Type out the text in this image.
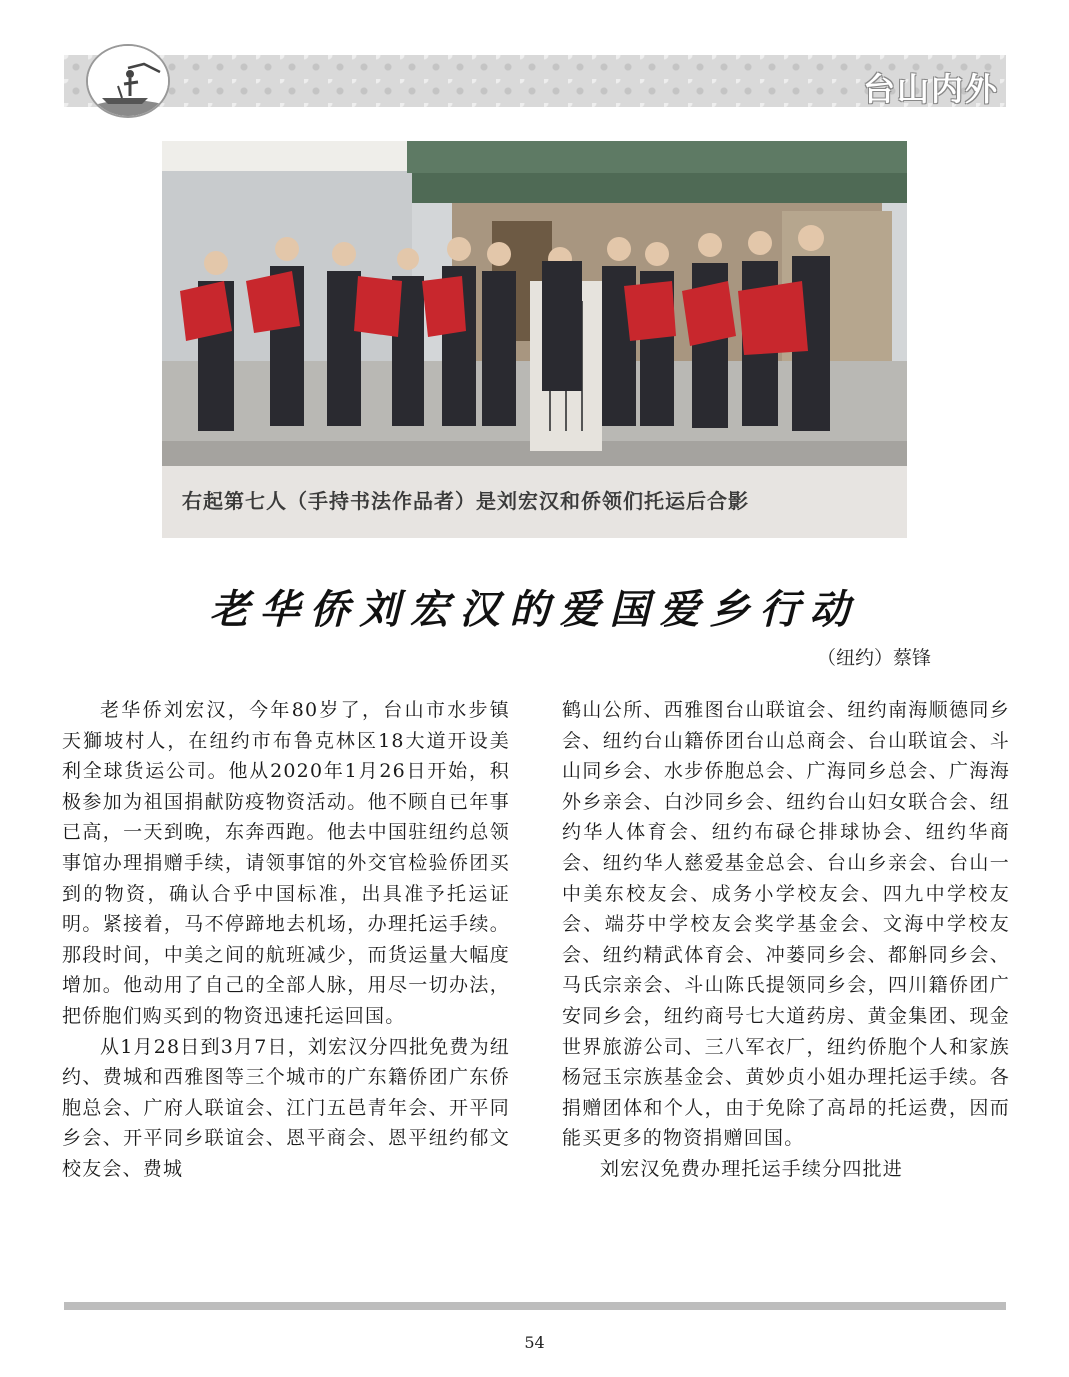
台山内外
右起第七人（手持书法作品者）是刘宏汉和侨领们托运后合影
老华侨刘宏汉的爱国爱乡行动
（纽约）蔡锋

老华侨刘宏汉，今年80岁了，台山市水步镇天獅坡村人，在纽约市布鲁克林区18大道开设美利全球货运公司。他从2020年1月26日开始，积极参加为祖国捐献防疫物资活动。他不顾自已年事已高，一天到晚，东奔西跑。他去中国驻纽约总领事馆办理捐赠手续，请领事馆的外交官检验侨团买到的物资，确认合乎中国标准，出具准予托运证明。紧接着，马不停蹄地去机场，办理托运手续。那段时间，中美之间的航班减少，而货运量大幅度增加。他动用了自己的全部人脉，用尽一切办法，把侨胞们购买到的物资迅速托运回国。

从1月28日到3月7日，刘宏汉分四批免费为纽约、费城和西雅图等三个城市的广东籍侨团广东侨胞总会、广府人联谊会、江门五邑青年会、开平同乡会、开平同乡联谊会、恩平商会、恩平纽约郁文校友会、费城

鹤山公所、西雅图台山联谊会、纽约南海顺德同乡会、纽约台山籍侨团台山总商会、台山联谊会、斗山同乡会、水步侨胞总会、广海同乡总会、广海海外乡亲会、白沙同乡会、纽约台山妇女联合会、纽约华人体育会、纽约布碌仑排球协会、纽约华商会、纽约华人慈爱基金总会、台山乡亲会、台山一中美东校友会、成务小学校友会、四九中学校友会、端芬中学校友会奖学基金会、文海中学校友会、纽约精武体育会、冲蒌同乡会、都斛同乡会、马氏宗亲会、斗山陈氏提领同乡会，四川籍侨团广安同乡会，纽约商号七大道药房、黄金集团、现金世界旅游公司、三八军衣厂，纽约侨胞个人和家族杨冠玉宗族基金会、黄妙贞小姐办理托运手续。各捐赠团体和个人，由于免除了高昂的托运费，因而能买更多的物资捐赠回国。

刘宏汉免费办理托运手续分四批进

54
